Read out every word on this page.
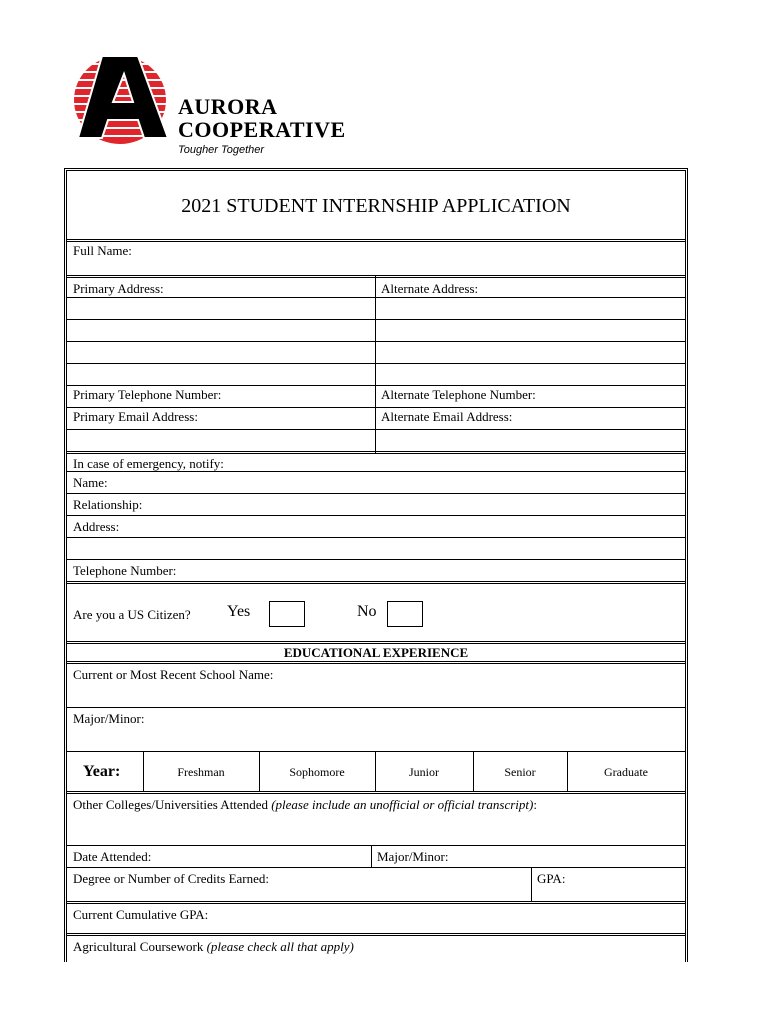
AURORA
COOPERATIVE
Tougher Together
2021 STUDENT INTERNSHIP APPLICATION
Full Name:
Primary Address:	Alternate Address:
Primary Telephone Number:	Alternate Telephone Number:
Primary Email Address:	Alternate Email Address:
In case of emergency, notify:
Name:
Relationship:
Address:
Telephone Number:
Are you a US Citizen? Yes	No
EDUCATIONAL EXPERIENCE
Current or Most Recent School Name:
Major/Minor:
Year:	Freshman	Sophomore	Junior	Senior	Graduate
Other Colleges/Universities Attended (please include an unofficial or official transcript):
Date Attended:	Major/Minor:
Degree or Number of Credits Earned:	GPA:
Current Cumulative GPA:
Agricultural Coursework (please check all that apply)
